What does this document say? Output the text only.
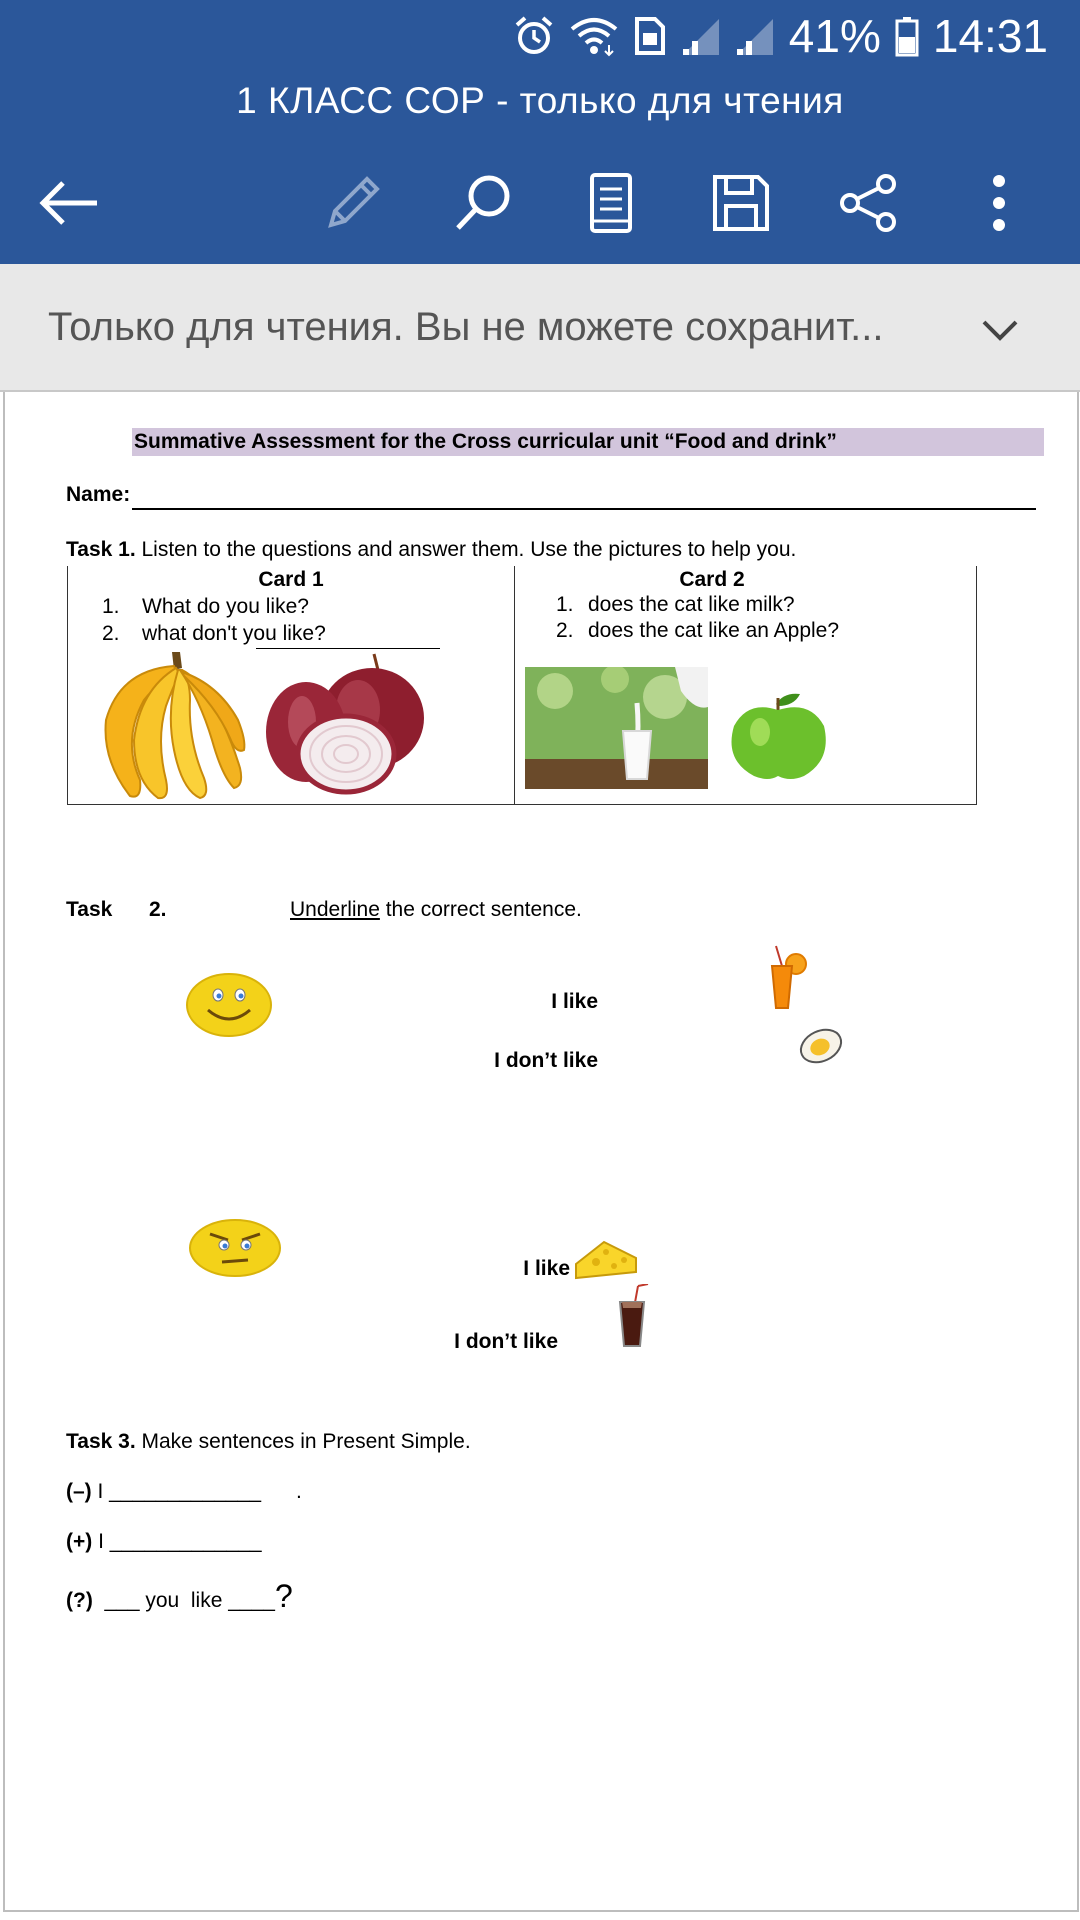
41% 14:31
1 КЛАСС СОР - только для чтения
Только для чтения. Вы не можете сохранит...
Summative Assessment for the Cross curricular unit “Food and drink”
Name:
Task 1. Listen to the questions and answer them. Use the pictures to help you.
Card 1
1. What do you like?
2. what don't you like?
Card 2
1. does the cat like milk?
2. does the cat like an Apple?
Task 2.	Underline the correct sentence.
I like
I don’t like
I like
I don’t like
Task 3. Make sentences in Present Simple.
(–) I _____________      .
(+) I _____________
(?)  ___ you  like ____?
